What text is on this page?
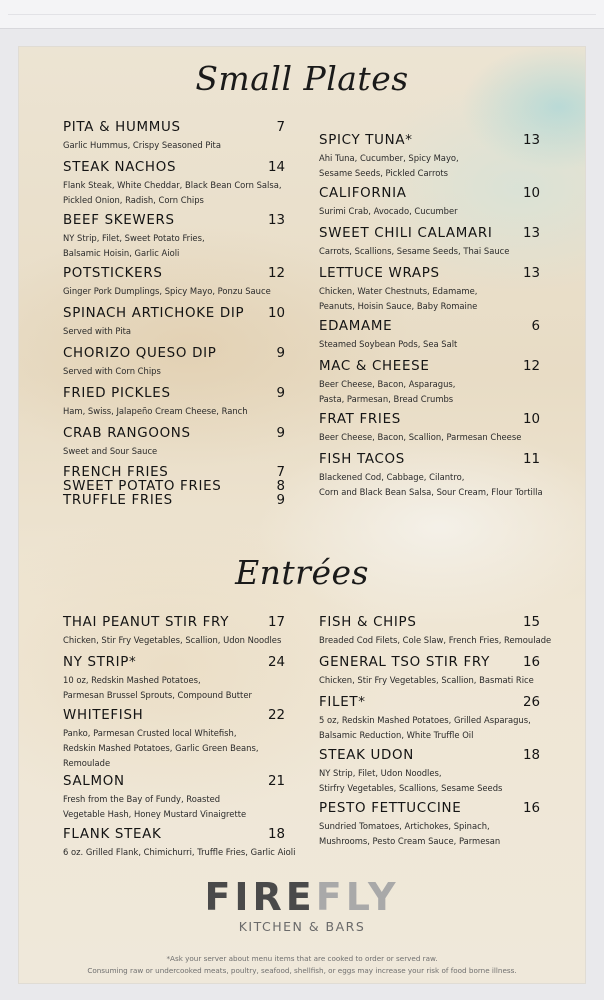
Small Plates
PITA & HUMMUS	7
Garlic Hummus, Crispy Seasoned Pita
STEAK NACHOS	14
Flank Steak, White Cheddar, Black Bean Corn Salsa,
Pickled Onion, Radish, Corn Chips
BEEF SKEWERS	13
NY Strip, Filet, Sweet Potato Fries,
Balsamic Hoisin, Garlic Aioli
POTSTICKERS	12
Ginger Pork Dumplings, Spicy Mayo, Ponzu Sauce
SPINACH ARTICHOKE DIP	10
Served with Pita
CHORIZO QUESO DIP	9
Served with Corn Chips
FRIED PICKLES	9
Ham, Swiss, Jalapeño Cream Cheese, Ranch
CRAB RANGOONS	9
Sweet and Sour Sauce
FRENCH FRIES	7
SWEET POTATO FRIES	8
TRUFFLE FRIES	9
SPICY TUNA*	13
Ahi Tuna, Cucumber, Spicy Mayo,
Sesame Seeds, Pickled Carrots
CALIFORNIA	10
Surimi Crab, Avocado, Cucumber
SWEET CHILI CALAMARI	13
Carrots, Scallions, Sesame Seeds, Thai Sauce
LETTUCE WRAPS	13
Chicken, Water Chestnuts, Edamame,
Peanuts, Hoisin Sauce, Baby Romaine
EDAMAME	6
Steamed Soybean Pods, Sea Salt
MAC & CHEESE	12
Beer Cheese, Bacon, Asparagus,
Pasta, Parmesan, Bread Crumbs
FRAT FRIES	10
Beer Cheese, Bacon, Scallion, Parmesan Cheese
FISH TACOS	11
Blackened Cod, Cabbage, Cilantro,
Corn and Black Bean Salsa, Sour Cream, Flour Tortilla
Entrées
THAI PEANUT STIR FRY	17
Chicken, Stir Fry Vegetables, Scallion, Udon Noodles
NY STRIP*	24
10 oz, Redskin Mashed Potatoes,
Parmesan Brussel Sprouts, Compound Butter
WHITEFISH	22
Panko, Parmesan Crusted local Whitefish,
Redskin Mashed Potatoes, Garlic Green Beans,
Remoulade
SALMON	21
Fresh from the Bay of Fundy, Roasted
Vegetable Hash, Honey Mustard Vinaigrette
FLANK STEAK	18
6 oz. Grilled Flank, Chimichurri, Truffle Fries, Garlic Aioli
FISH & CHIPS	15
Breaded Cod Filets, Cole Slaw, French Fries, Remoulade
GENERAL TSO STIR FRY	16
Chicken, Stir Fry Vegetables, Scallion, Basmati Rice
FILET*	26
5 oz, Redskin Mashed Potatoes, Grilled Asparagus,
Balsamic Reduction, White Truffle Oil
STEAK UDON	18
NY Strip, Filet, Udon Noodles,
Stirfry Vegetables, Scallions, Sesame Seeds
PESTO FETTUCCINE	16
Sundried Tomatoes, Artichokes, Spinach,
Mushrooms, Pesto Cream Sauce, Parmesan
FIREFLY
KITCHEN & BARS
*Ask your server about menu items that are cooked to order or served raw.
Consuming raw or undercooked meats, poultry, seafood, shellfish, or eggs may increase your risk of food borne illness.
